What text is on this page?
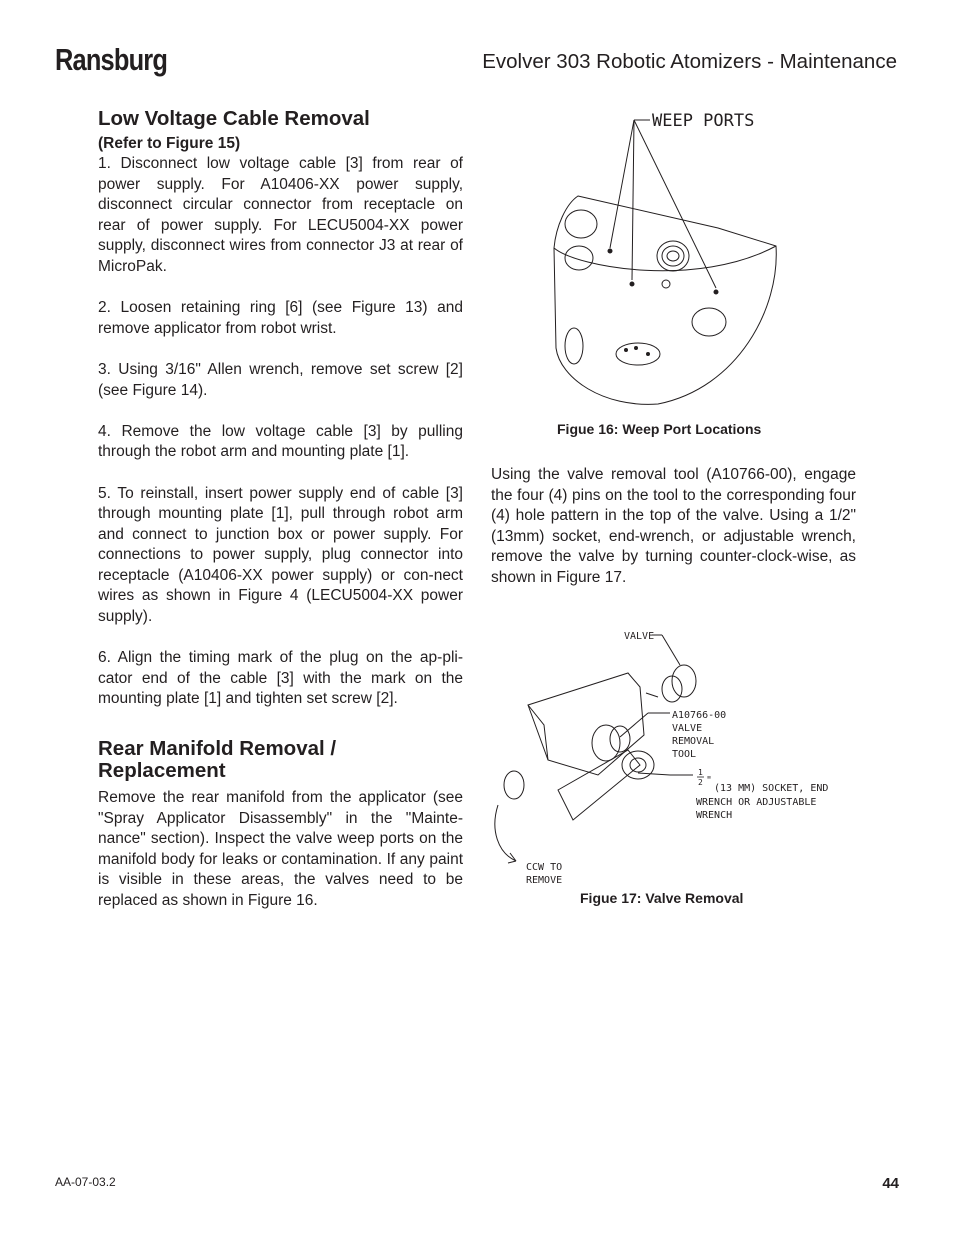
Ransburg	Evolver 303 Robotic Atomizers - Maintenance
Low Voltage Cable Removal
(Refer to Figure 15)

1. Disconnect low voltage cable [3] from rear of power supply. For A10406-XX power supply, disconnect circular connector from receptacle on rear of power supply. For LECU5004-XX power supply, disconnect wires from connector J3 at rear of MicroPak.

2. Loosen retaining ring [6] (see Figure 13) and remove applicator from robot wrist.

3. Using 3/16" Allen wrench, remove set screw [2] (see Figure 14).

4. Remove the low voltage cable [3] by pulling through the robot arm and mounting plate [1].

5. To reinstall, insert power supply end of cable [3] through mounting plate [1], pull through robot arm and connect to junction box or power supply. For connections to power supply, plug connector into receptacle (A10406-XX power supply) or con-nect wires as shown in Figure 4 (LECU5004-XX power supply).

6. Align the timing mark of the plug on the ap-pli-cator end of the cable [3] with the mark on the mounting plate [1] and tighten set screw [2].

Rear Manifold Removal / Replacement

Remove the rear manifold from the applicator (see "Spray Applicator Disassembly" in the "Mainte-nance" section). Inspect the valve weep ports on the manifold body for leaks or contamination. If any paint is visible in these areas, the valves need to be replaced as shown in Figure 16.

WEEP PORTS
Figue 16: Weep Port Locations

Using the valve removal tool (A10766-00), engage the four (4) pins on the tool to the corresponding four (4) hole pattern in the top of the valve. Using a 1/2" (13mm) socket, end-wrench, or adjustable wrench, remove the valve by turning counter-clock-wise, as shown in Figure 17.

VALVE
A10766-00
VALVE
REMOVAL
TOOL
1
2 "
(13 MM) SOCKET, END
WRENCH OR ADJUSTABLE
WRENCH
CCW TO
REMOVE
Figue 17: Valve Removal
AA-07-03.2	44
